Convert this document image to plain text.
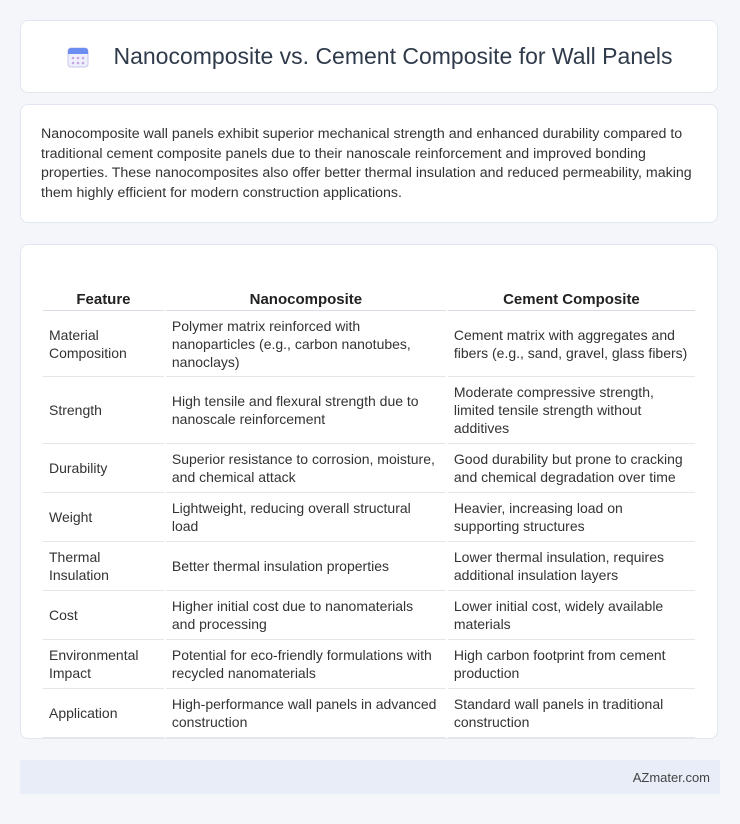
Nanocomposite vs. Cement Composite for Wall Panels

Nanocomposite wall panels exhibit superior mechanical strength and enhanced durability compared to traditional cement composite panels due to their nanoscale reinforcement and improved bonding properties. These nanocomposites also offer better thermal insulation and reduced permeability, making them highly efficient for modern construction applications.

Feature	Nanocomposite	Cement Composite
Material Composition	Polymer matrix reinforced with nanoparticles (e.g., carbon nanotubes, nanoclays)	Cement matrix with aggregates and fibers (e.g., sand, gravel, glass fibers)
Strength	High tensile and flexural strength due to nanoscale reinforcement	Moderate compressive strength, limited tensile strength without additives
Durability	Superior resistance to corrosion, moisture, and chemical attack	Good durability but prone to cracking and chemical degradation over time
Weight	Lightweight, reducing overall structural load	Heavier, increasing load on supporting structures
Thermal Insulation	Better thermal insulation properties	Lower thermal insulation, requires additional insulation layers
Cost	Higher initial cost due to nanomaterials and processing	Lower initial cost, widely available materials
Environmental Impact	Potential for eco-friendly formulations with recycled nanomaterials	High carbon footprint from cement production
Application	High-performance wall panels in advanced construction	Standard wall panels in traditional construction
AZmater.com
